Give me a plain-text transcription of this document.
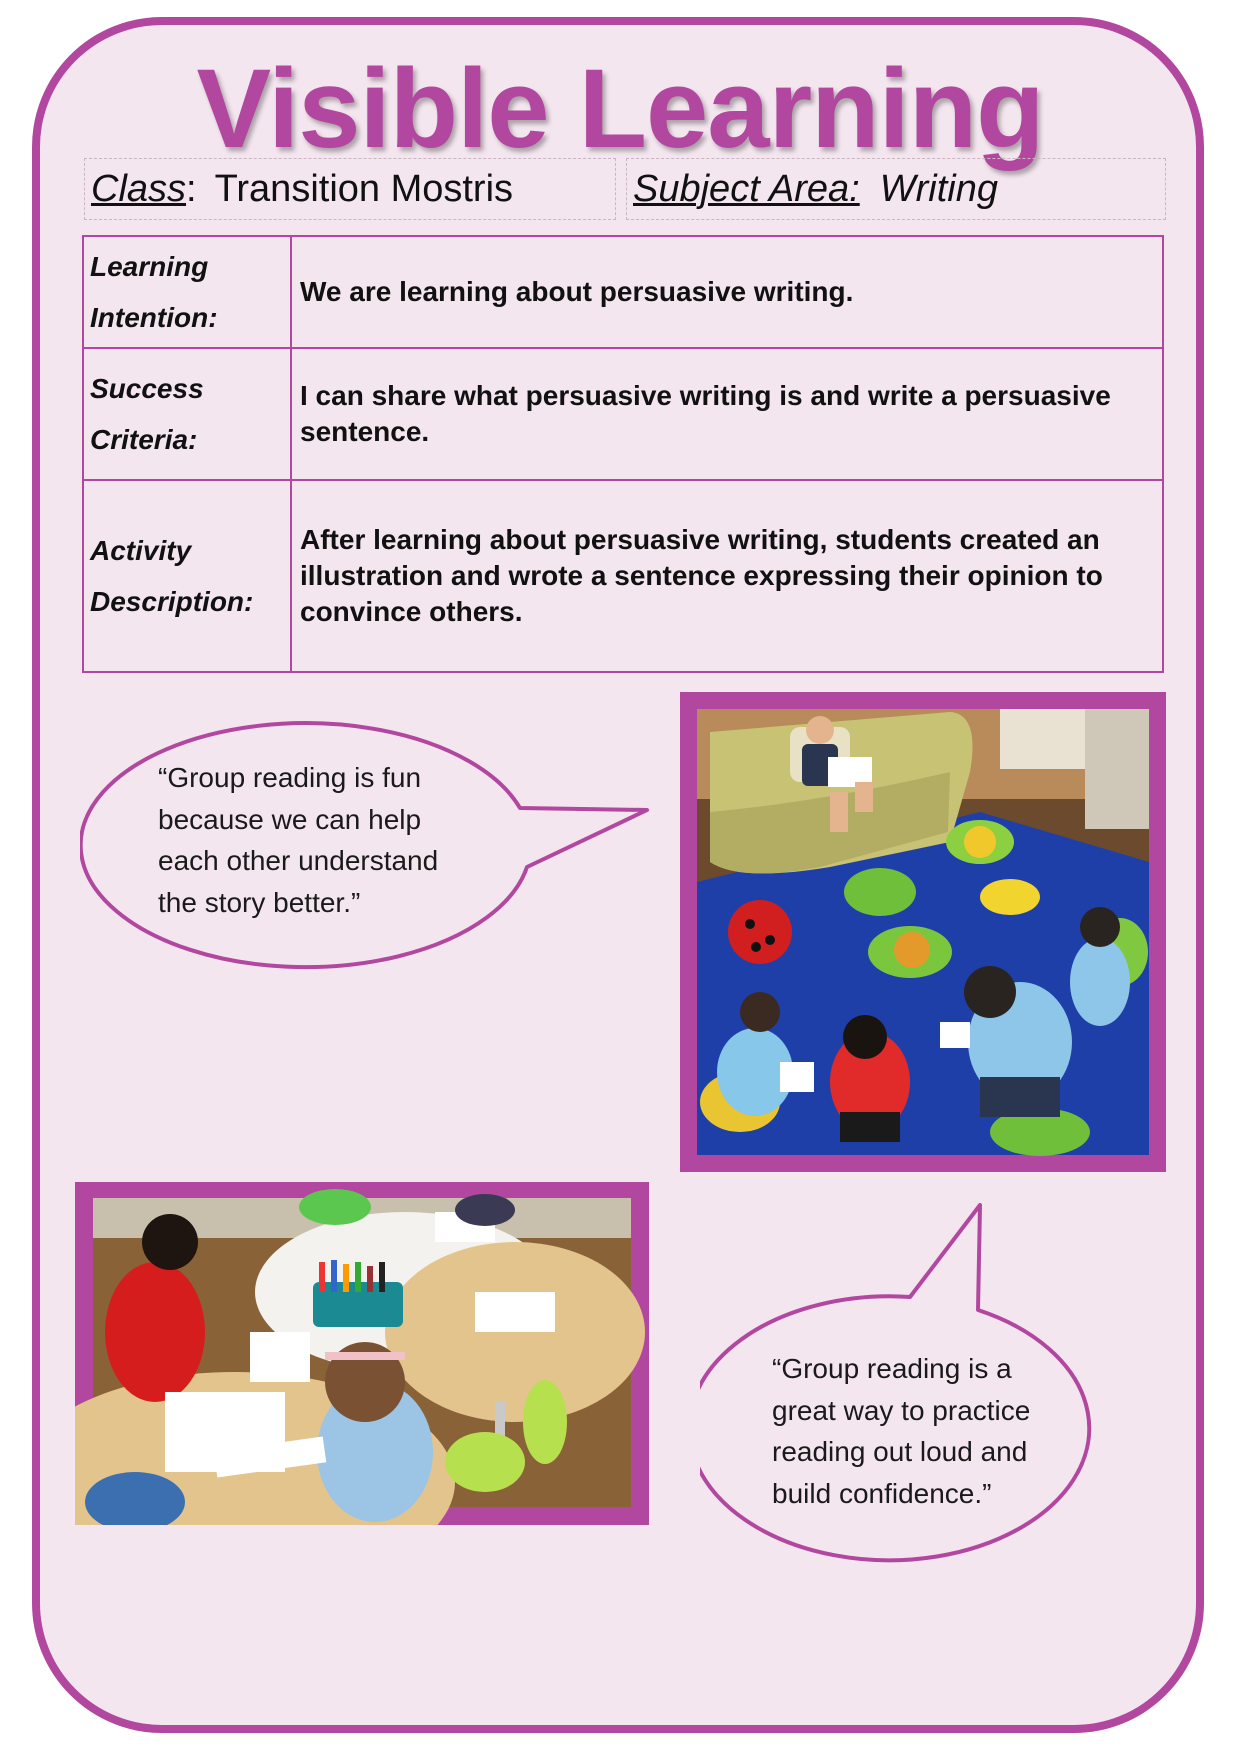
Visible Learning
Class : Transition Mostris	Subject Area: Writing
Learning
Intention:	We are learning about persuasive writing.

Success
Criteria:	I can share what persuasive writing is and write a persuasive sentence.

Activity
Description:	After learning about persuasive writing, students created an illustration and wrote a sentence expressing their opinion to convince others.
“Group reading is fun
because we can help
each other understand
the story better.”
“Group reading is a
great way to practice
reading out loud and
build confidence.”
